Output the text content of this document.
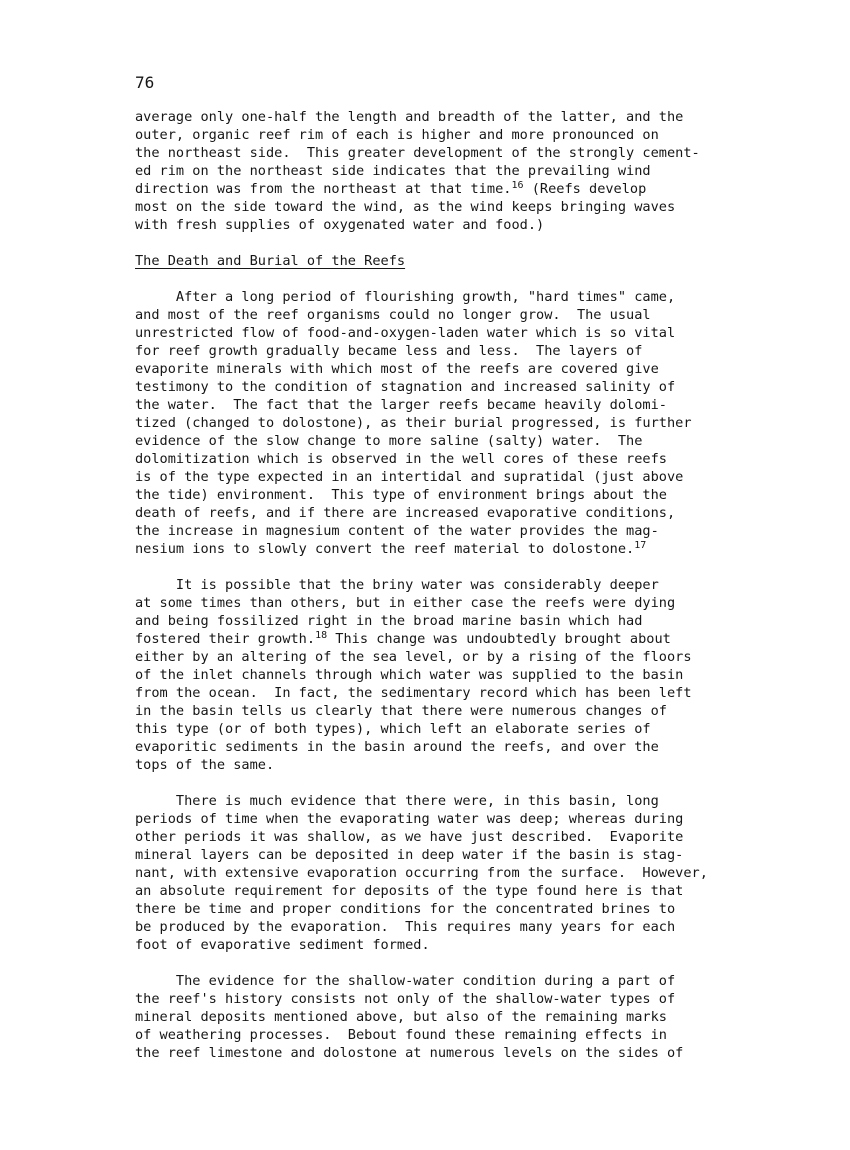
76
average only one-half the length and breadth of the latter, and the
outer, organic reef rim of each is higher and more pronounced on
the northeast side.  This greater development of the strongly cement-
ed rim on the northeast side indicates that the prevailing wind
direction was from the northeast at that time.$^{16}$ (Reefs develop
most on the side toward the wind, as the wind keeps bringing waves
with fresh supplies of oxygenated water and food.)
The Death and Burial of the Reefs
After a long period of flourishing growth, "hard times" came,
and most of the reef organisms could no longer grow.  The usual
unrestricted flow of food-and-oxygen-laden water which is so vital
for reef growth gradually became less and less.  The layers of
evaporite minerals with which most of the reefs are covered give
testimony to the condition of stagnation and increased salinity of
the water.  The fact that the larger reefs became heavily dolomi-
tized (changed to dolostone), as their burial progressed, is further
evidence of the slow change to more saline (salty) water.  The
dolomitization which is observed in the well cores of these reefs
is of the type expected in an intertidal and supratidal (just above
the tide) environment.  This type of environment brings about the
death of reefs, and if there are increased evaporative conditions,
the increase in magnesium content of the water provides the mag-
nesium ions to slowly convert the reef material to dolostone.$^{17}$
It is possible that the briny water was considerably deeper
at some times than others, but in either case the reefs were dying
and being fossilized right in the broad marine basin which had
fostered their growth.$^{18}$ This change was undoubtedly brought about
either by an altering of the sea level, or by a rising of the floors
of the inlet channels through which water was supplied to the basin
from the ocean.  In fact, the sedimentary record which has been left
in the basin tells us clearly that there were numerous changes of
this type (or of both types), which left an elaborate series of
evaporitic sediments in the basin around the reefs, and over the
tops of the same.
There is much evidence that there were, in this basin, long
periods of time when the evaporating water was deep; whereas during
other periods it was shallow, as we have just described.  Evaporite
mineral layers can be deposited in deep water if the basin is stag-
nant, with extensive evaporation occurring from the surface.  However,
an absolute requirement for deposits of the type found here is that
there be time and proper conditions for the concentrated brines to
be produced by the evaporation.  This requires many years for each
foot of evaporative sediment formed.
The evidence for the shallow-water condition during a part of
the reef's history consists not only of the shallow-water types of
mineral deposits mentioned above, but also of the remaining marks
of weathering processes.  Bebout found these remaining effects in
the reef limestone and dolostone at numerous levels on the sides of
